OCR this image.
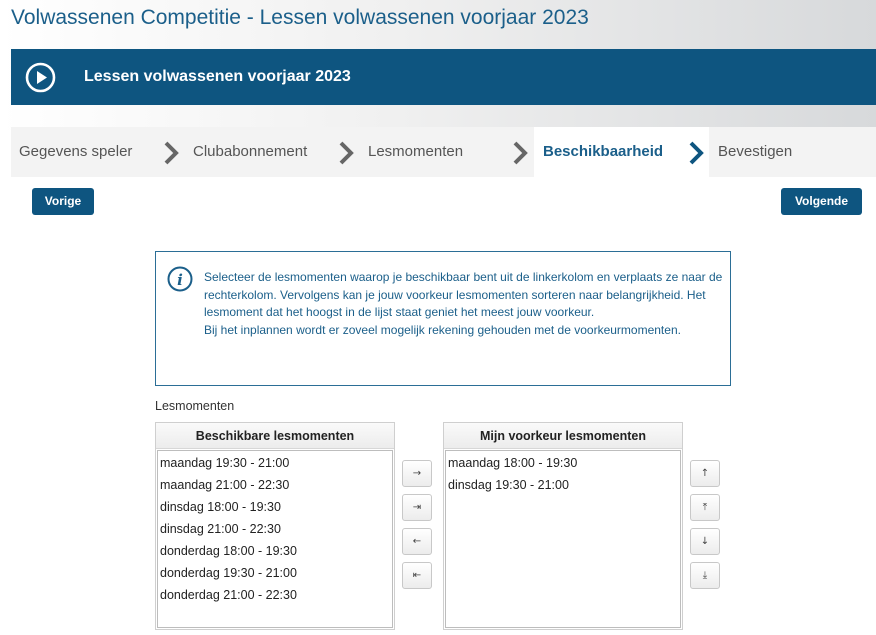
Volwassenen Competitie - Lessen volwassenen voorjaar 2023
Lessen volwassenen voorjaar 2023
Gegevens speler	Clubabonnement	Lesmomenten	Beschikbaarheid	Bevestigen
Vorige	Volgende
i Selecteer de lesmomenten waarop je beschikbaar bent uit de linkerkolom en verplaats ze naar de rechterkolom. Vervolgens kan je jouw voorkeur lesmomenten sorteren naar belangrijkheid. Het lesmoment dat het hoogst in de lijst staat geniet het meest jouw voorkeur.

Bij het inplannen wordt er zoveel mogelijk rekening gehouden met de voorkeurmomenten.

Lesmomenten
Beschikbare lesmomenten
maandag 19:30 - 21:00
maandag 21:00 - 22:30
dinsdag 18:00 - 19:30
dinsdag 21:00 - 22:30
donderdag 18:00 - 19:30
donderdag 19:30 - 21:00
donderdag 21:00 - 22:30
→
⇥
←
⇤
Mijn voorkeur lesmomenten
maandag 18:00 - 19:30
dinsdag 19:30 - 21:00
↑
⤒
↓
⤓
